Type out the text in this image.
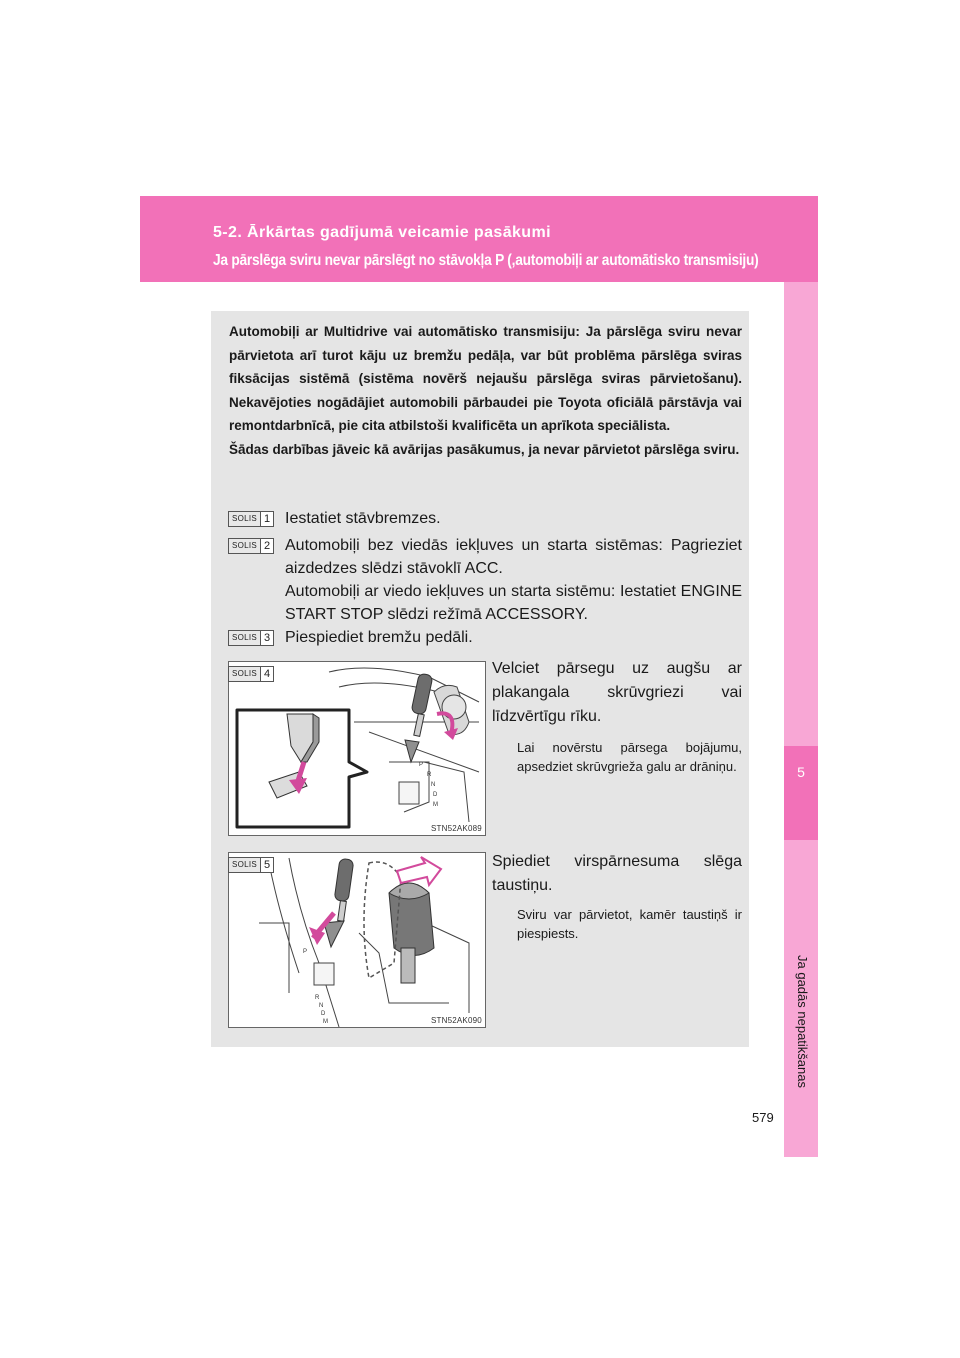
5-2. Ārkārtas gadījumā veicamie pasākumi
Ja pārslēga sviru nevar pārslēgt no stāvokļa P (,automobiļi ar automātisko transmisiju)
5
Ja gadās nepatikšanas

Automobiļi ar Multidrive vai automātisko transmisiju: Ja pārslēga sviru nevar pārvietota arī turot kāju uz bremžu pedāļa, var būt problēma pārslēga sviras fiksācijas sistēmā (sistēma novērš nejaušu pārslēga sviras pārvietošanu). Nekavējoties nogādājiet automobili pārbaudei pie Toyota oficiālā pārstāvja vai remontdarbnīcā, pie cita atbilstoši kvalificēta un aprīkota speciālista.

Šādas darbības jāveic kā avārijas pasākumus, ja nevar pārvietot pārslēga sviru.

SOLIS 1 Iestatiet stāvbremzes.
SOLIS 2 Automobiļi bez viedās iekļuves un starta sistēmas: Pagrieziet aizdedzes slēdzi stāvoklī ACC.
Automobiļi ar viedo iekļuves un starta sistēmu: Iestatiet ENGINE START STOP slēdzi režīmā ACCESSORY.
SOLIS 3 Piespiediet bremžu pedāli.
P
R
N
D
M
STN52AK089
SOLIS 4	Velciet pārsegu uz augšu ar plakangala skrūvgriezi vai līdzvērtīgu rīku.
Lai novērstu pārsega bojājumu, apsedziet skrūvgrieža galu ar drāniņu.
P
R
N
D
M	STN52AK090
SOLIS 5	Spiediet virspārnesuma slēga taustiņu.
Sviru var pārvietot, kamēr taustiņš ir piespiests.
579
